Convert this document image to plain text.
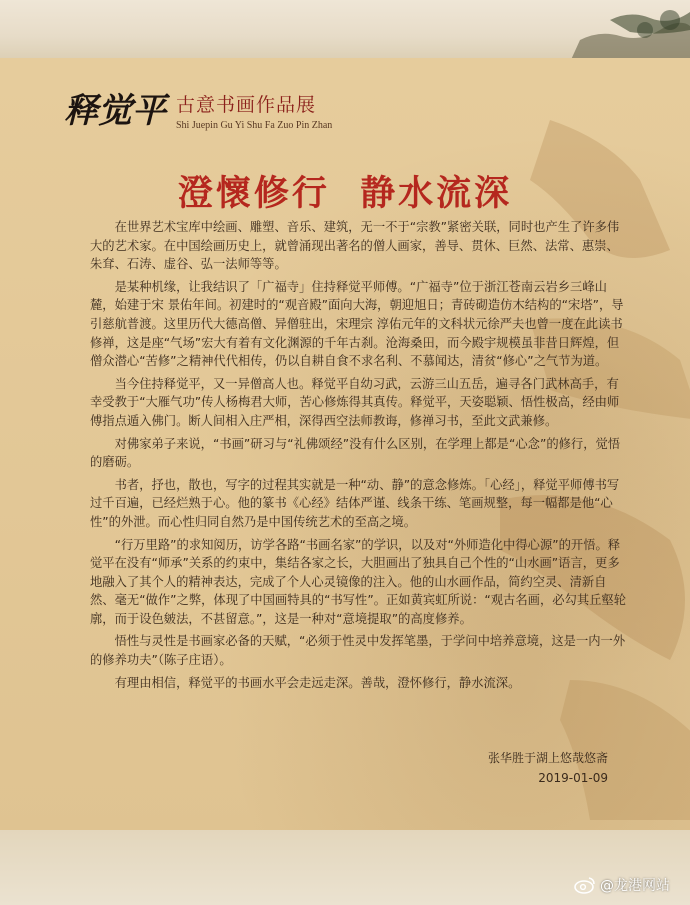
释觉平 古意书画作品展
Shi Juepin Gu Yi Shu Fa Zuo Pin Zhan
澄懷修行  静水流深

在世界艺术宝库中绘画、雕塑、音乐、建筑，无一不于“宗教”紧密关联，同时也产生了许多伟大的艺术家。在中国绘画历史上，就曾涌现出著名的僧人画家，善导、贯休、巨然、法常、惠崇、朱耷、石涛、虚谷、弘一法师等等。

是某种机缘，让我结识了「广福寺」住持释觉平师傅。“广福寺”位于浙江苍南云岩乡三峰山麓，始建于宋 景佑年间。初建时的“观音殿”面向大海，朝迎旭日；青砖砌造仿木结构的“宋塔”，导引慈航普渡。这里历代大德高僧、异僧驻出，宋理宗 淳佑元年的文科状元徐严夫也曾一度在此读书修禅，这是座“气场”宏大有着有文化渊源的千年古刹。沧海桑田，而今殿宇规模虽非昔日辉煌，但僧众潜心“苦修”之精神代代相传，仍以自耕自食不求名利、不慕闻达，清贫“修心”之气节为道。

当今住持释觉平，又一异僧高人也。释觉平自幼习武，云游三山五岳，遍寻各门武林高手，有幸受教于“大雁气功”传人杨梅君大师，苦心修炼得其真传。释觉平，天姿聪颖、悟性极高，经由师傅指点遁入佛门。断人间相入庄严相，深得西空法师教诲，修禅习书，至此文武兼修。

对佛家弟子来说，“书画”研习与“礼佛颂经”没有什么区别，在学理上都是“心念”的修行，觉悟的磨砺。

书者，抒也，散也，写字的过程其实就是一种“动、静”的意念修炼。「心经」，释觉平师傅书写过千百遍，已经烂熟于心。他的篆书《心经》结体严谨、线条干练、笔画规整，每一幅都是他“心性”的外泄。而心性归同自然乃是中国传统艺术的至高之境。

“行万里路”的求知阅历，访学各路“书画名家”的学识，以及对“外师造化中得心源”的开悟。释觉平在没有“师承”关系的约束中，集结各家之长，大胆画出了独具自己个性的“山水画”语言，更多地融入了其个人的精神表达，完成了个人心灵镜像的注入。他的山水画作品，简约空灵、清新自然、毫无“做作”之弊，体现了中国画特具的“书写性”。正如黄宾虹所说：“观古名画，必勾其丘壑轮廓，而于设色皴法，不甚留意。”，这是一种对“意境提取”的高度修养。

悟性与灵性是书画家必备的天赋，“必须于性灵中发挥笔墨，于学问中培养意境，这是一内一外的修养功夫”（陈子庄语）。

有理由相信，释觉平的书画水平会走远走深。善哉，澄怀修行，静水流深。

张华胜于湖上悠哉悠斋
2019-01-09
@龙港网站
